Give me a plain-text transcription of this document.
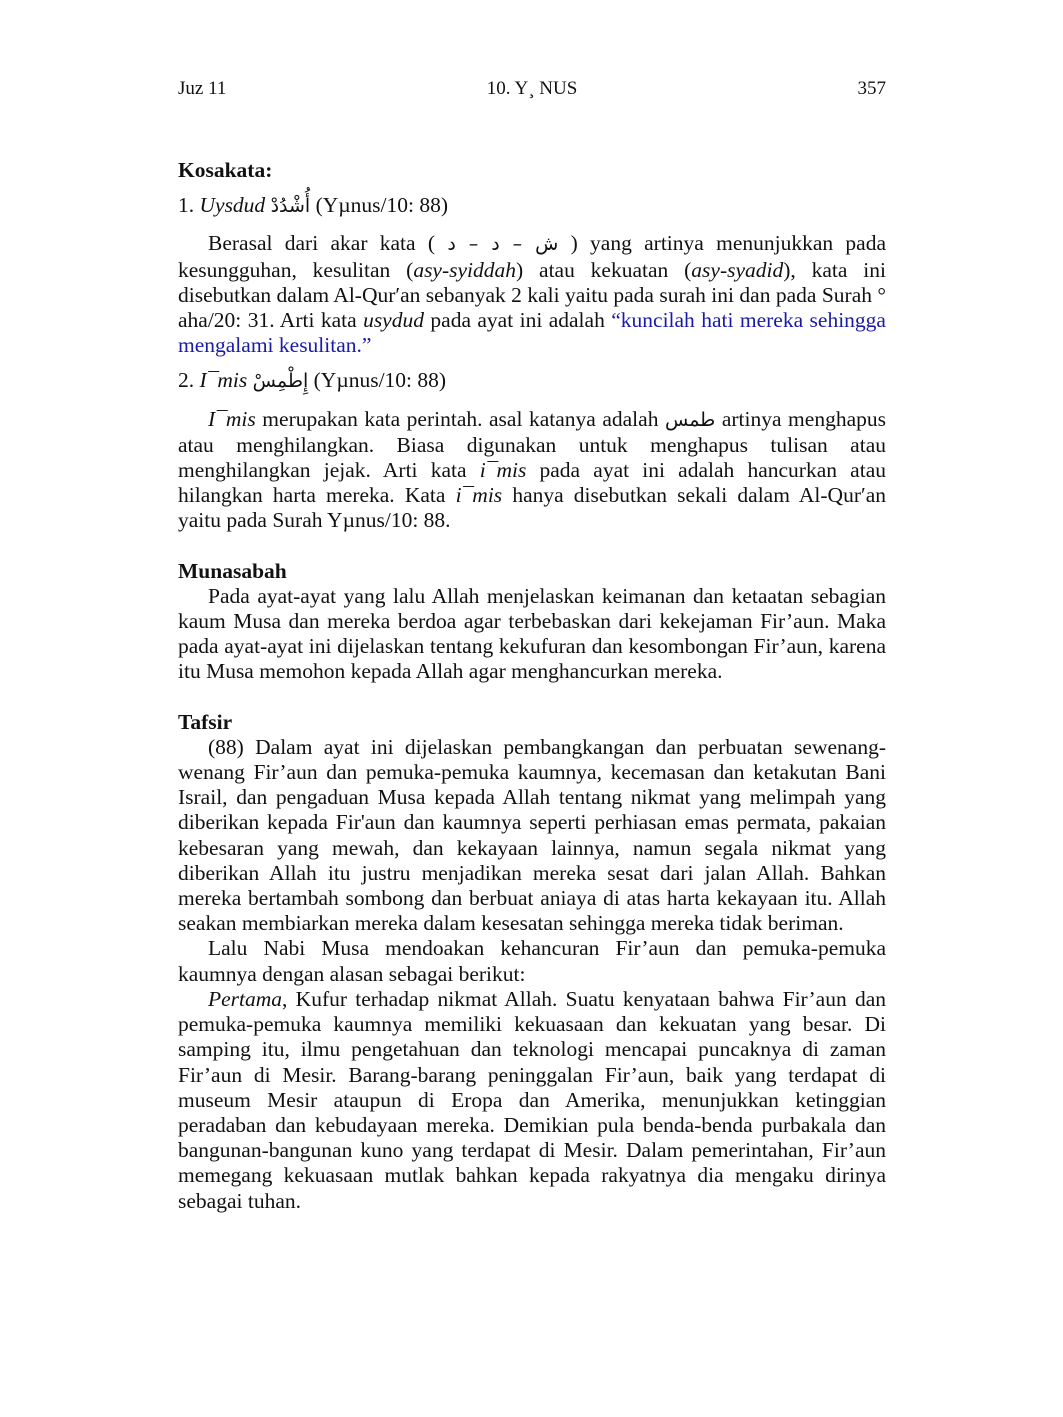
Juz 11	10. Y¸ NUS	357
Kosakata:
1. Uysdud أُشْدُدْ (Yµnus/10: 88)

Berasal dari akar kata ( ش – د – د ) yang artinya menunjukkan pada kesungguhan, kesulitan (asy-syiddah) atau kekuatan (asy-syadid), kata ini disebutkan dalam Al-Qur′an sebanyak 2 kali yaitu pada surah ini dan pada Surah ° aha/20: 31. Arti kata usydud pada ayat ini adalah “kuncilah hati mereka sehingga mengalami kesulitan.”

2. I¯mis إِطْمِسْ (Yµnus/10: 88)

I¯mis merupakan kata perintah. asal katanya adalah طمس artinya menghapus atau menghilangkan. Biasa digunakan untuk menghapus tulisan atau menghilangkan jejak. Arti kata i¯mis pada ayat ini adalah hancurkan atau hilangkan harta mereka. Kata i¯mis hanya disebutkan sekali dalam Al-Qur′an yaitu pada Surah Yµnus/10: 88.

Munasabah

Pada ayat-ayat yang lalu Allah menjelaskan keimanan dan ketaatan sebagian kaum Musa dan mereka berdoa agar terbebaskan dari kekejaman Fir’aun. Maka pada ayat-ayat ini dijelaskan tentang kekufuran dan kesombongan Fir’aun, karena itu Musa memohon kepada Allah agar menghancurkan mereka.

Tafsir

(88) Dalam ayat ini dijelaskan pembangkangan dan perbuatan sewenang-wenang Fir’aun dan pemuka-pemuka kaumnya, kecemasan dan ketakutan Bani Israil, dan pengaduan Musa kepada Allah tentang nikmat yang melimpah yang diberikan kepada Fir'aun dan kaumnya seperti perhiasan emas permata, pakaian kebesaran yang mewah, dan kekayaan lainnya, namun segala nikmat yang diberikan Allah itu justru menjadikan mereka sesat dari jalan Allah. Bahkan mereka bertambah sombong dan berbuat aniaya di atas harta kekayaan itu. Allah seakan membiarkan mereka dalam kesesatan sehingga mereka tidak beriman.

Lalu Nabi Musa mendoakan kehancuran Fir’aun dan pemuka-pemuka kaumnya dengan alasan sebagai berikut:

Pertama, Kufur terhadap nikmat Allah. Suatu kenyataan bahwa Fir’aun dan pemuka-pemuka kaumnya memiliki kekuasaan dan kekuatan yang besar. Di samping itu, ilmu pengetahuan dan teknologi mencapai puncaknya di zaman Fir’aun di Mesir. Barang-barang peninggalan Fir’aun, baik yang terdapat di museum Mesir ataupun di Eropa dan Amerika, menunjukkan ketinggian peradaban dan kebudayaan mereka. Demikian pula benda-benda purbakala dan bangunan-bangunan kuno yang terdapat di Mesir. Dalam pemerintahan, Fir’aun memegang kekuasaan mutlak bahkan kepada rakyatnya dia mengaku dirinya sebagai tuhan.
